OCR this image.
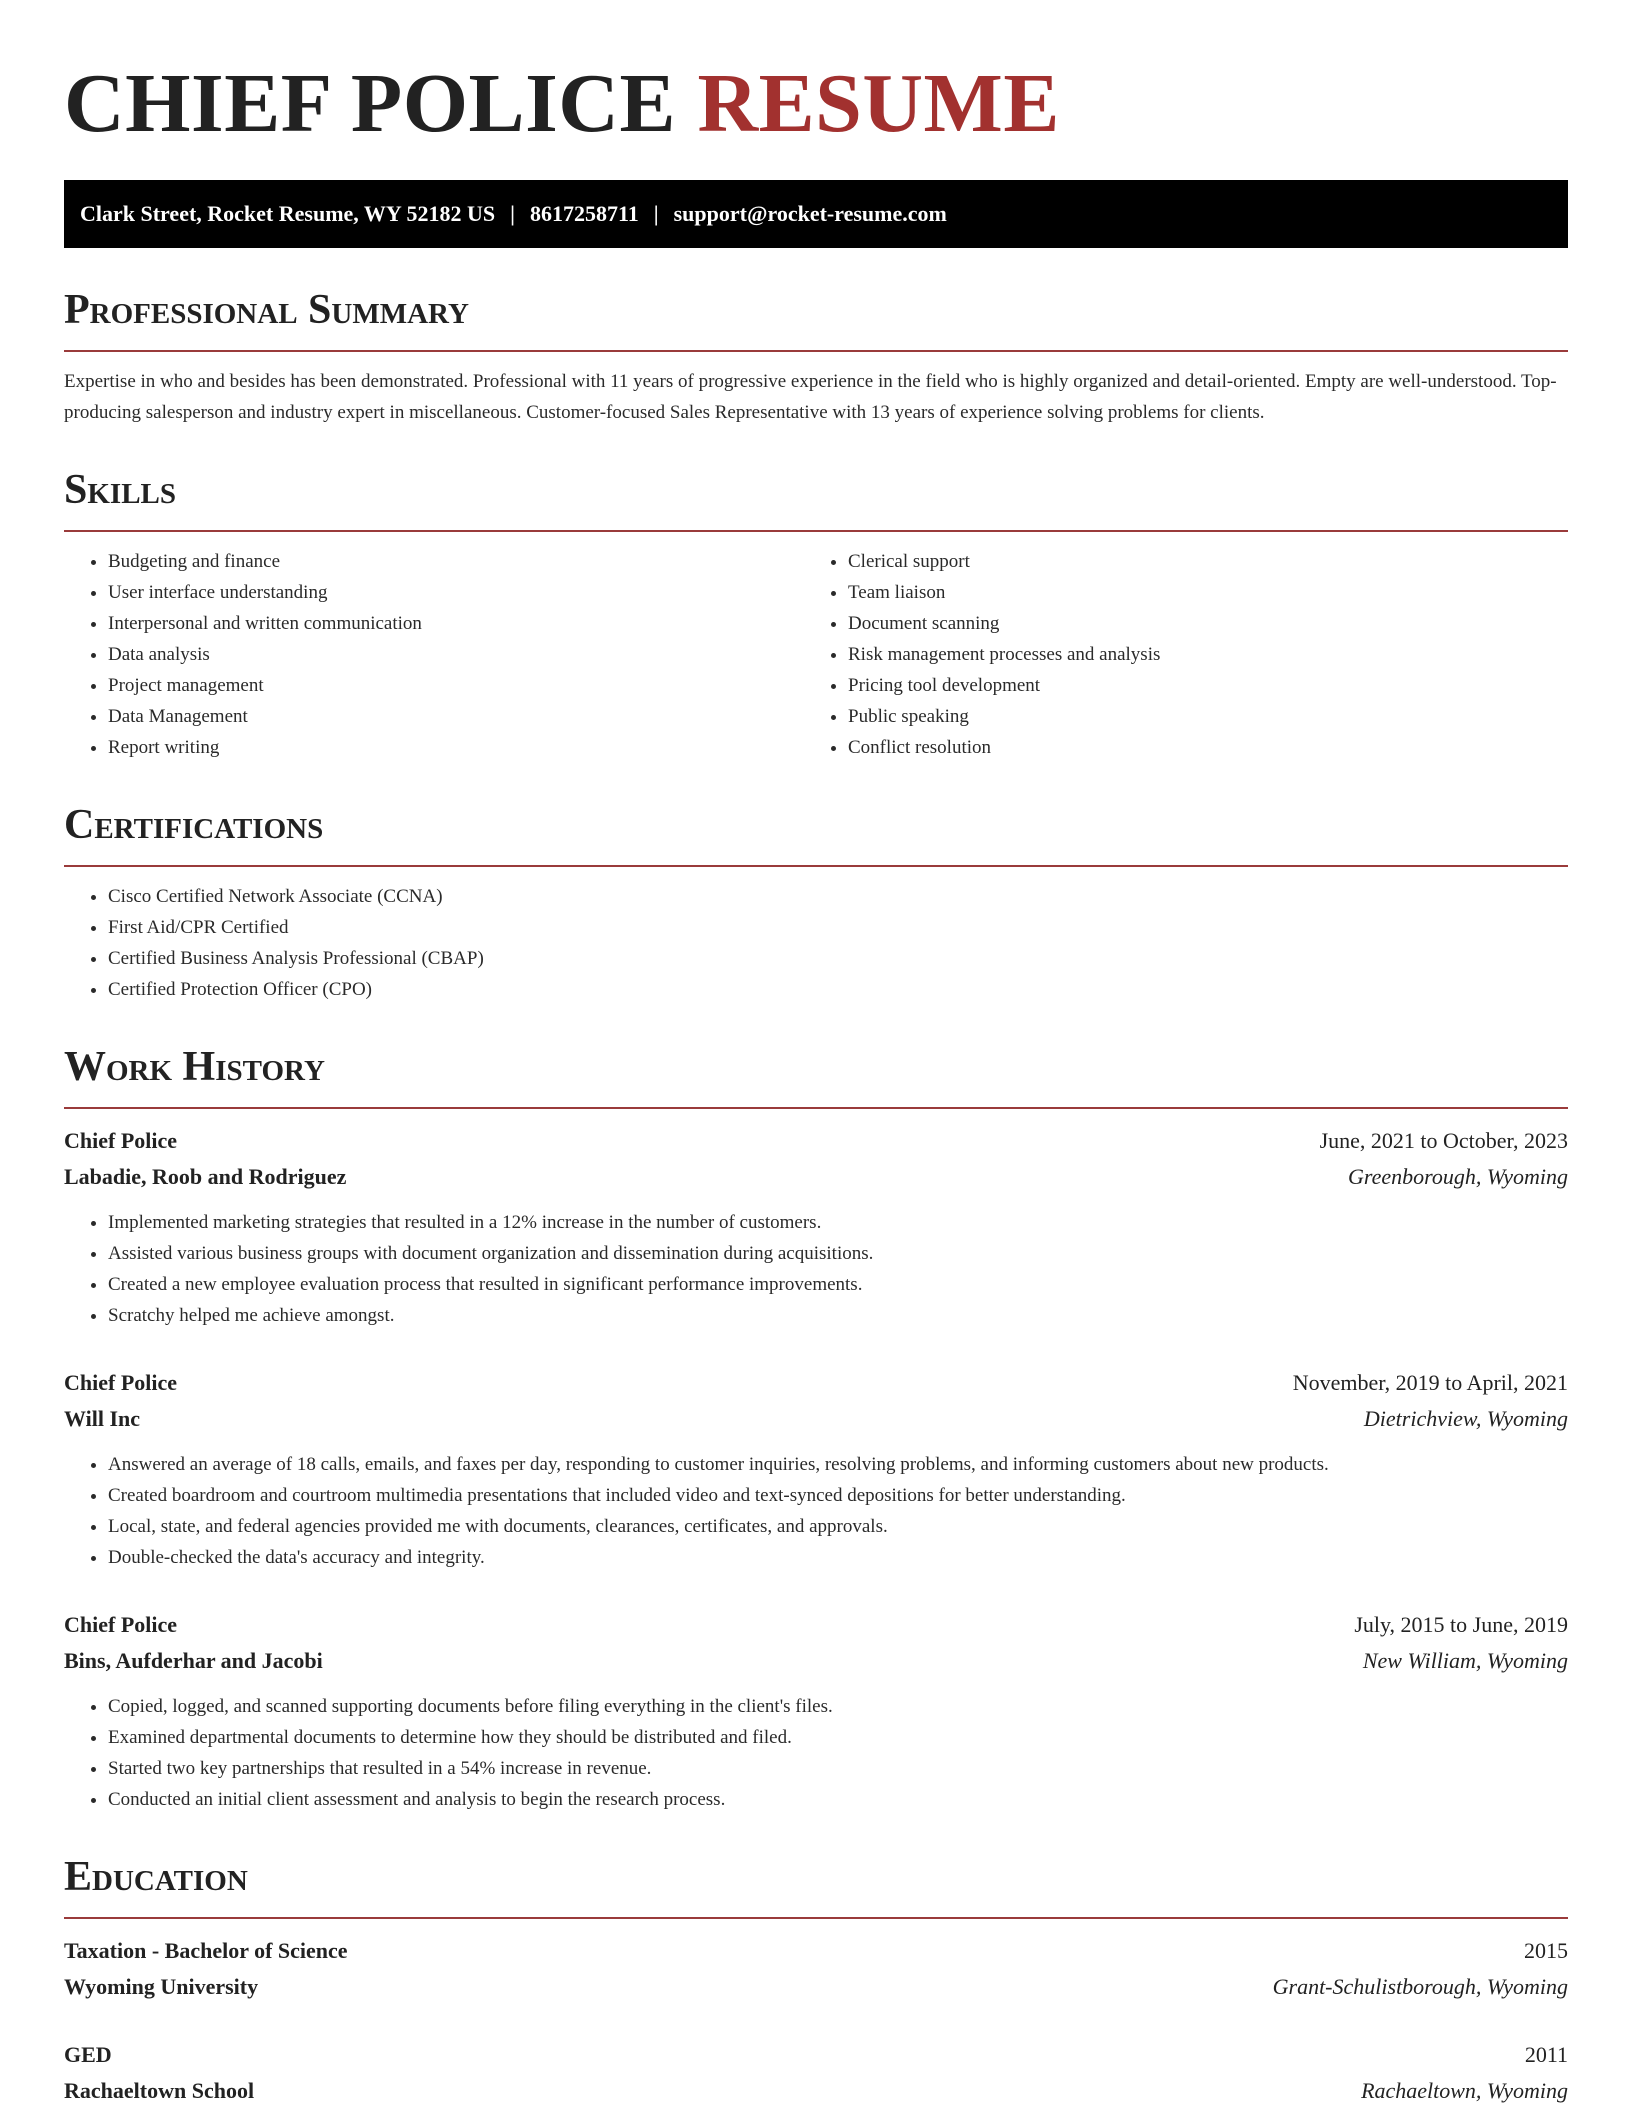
CHIEF POLICE RESUME
Clark Street, Rocket Resume, WY 52182 US | 8617258711 | support@rocket-resume.com
Professional Summary

Expertise in who and besides has been demonstrated. Professional with 11 years of progressive experience in the field who is highly organized and detail-oriented. Empty are well-understood. Top-producing salesperson and industry expert in miscellaneous. Customer-focused Sales Representative with 13 years of experience solving problems for clients.

Skills
• Budgeting and finance
• User interface understanding
• Interpersonal and written communication
• Data analysis
• Project management
• Data Management
• Report writing
• Clerical support
• Team liaison
• Document scanning
• Risk management processes and analysis
• Pricing tool development
• Public speaking
• Conflict resolution
Certifications
• Cisco Certified Network Associate (CCNA)
• First Aid/CPR Certified
• Certified Business Analysis Professional (CBAP)
• Certified Protection Officer (CPO)
Work History
Chief Police	June, 2021 to October, 2023
Labadie, Roob and Rodriguez	Greenborough, Wyoming
• Implemented marketing strategies that resulted in a 12% increase in the number of customers.
• Assisted various business groups with document organization and dissemination during acquisitions.
• Created a new employee evaluation process that resulted in significant performance improvements.
• Scratchy helped me achieve amongst.
Chief Police	November, 2019 to April, 2021
Will Inc	Dietrichview, Wyoming
• Answered an average of 18 calls, emails, and faxes per day, responding to customer inquiries, resolving problems, and informing customers about new products.
• Created boardroom and courtroom multimedia presentations that included video and text-synced depositions for better understanding.
• Local, state, and federal agencies provided me with documents, clearances, certificates, and approvals.
• Double-checked the data's accuracy and integrity.
Chief Police	July, 2015 to June, 2019
Bins, Aufderhar and Jacobi	New William, Wyoming
• Copied, logged, and scanned supporting documents before filing everything in the client's files.
• Examined departmental documents to determine how they should be distributed and filed.
• Started two key partnerships that resulted in a 54% increase in revenue.
• Conducted an initial client assessment and analysis to begin the research process.
Education
Taxation - Bachelor of Science	2015
Wyoming University	Grant-Schulistborough, Wyoming
GED	2011
Rachaeltown School	Rachaeltown, Wyoming
